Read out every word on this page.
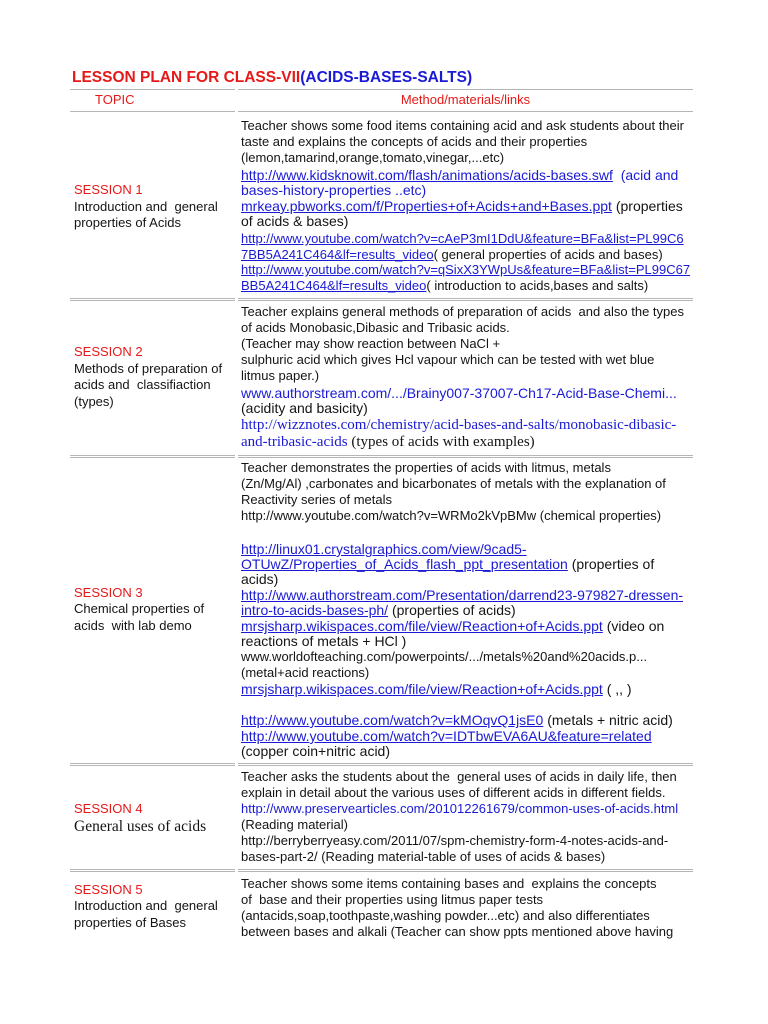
LESSON PLAN FOR CLASS-VII(ACIDS-BASES-SALTS)
TOPIC	Method/materials/links
SESSION 1
Introduction and  general
properties of Acids
Teacher shows some food items containing acid and ask students about their
taste and explains the concepts of acids and their properties
(lemon,tamarind,orange,tomato,vinegar,...etc)
http://www.kidsknowit.com/flash/animations/acids-bases.swf  (acid and
bases-history-properties ..etc)
mrkeay.pbworks.com/f/Properties+of+Acids+and+Bases.ppt (properties
of acids & bases)
http://www.youtube.com/watch?v=cAeP3mI1DdU&feature=BFa&list=PL99C6
7BB5A241C464&lf=results_video( general properties of acids and bases)
http://www.youtube.com/watch?v=qSixX3YWpUs&feature=BFa&list=PL99C67
BB5A241C464&lf=results_video( introduction to acids,bases and salts)
SESSION 2
Methods of preparation of
acids and  classifiaction
(types)
Teacher explains general methods of preparation of acids  and also the types
of acids Monobasic,Dibasic and Tribasic acids.
(Teacher may show reaction between NaCl +
sulphuric acid which gives Hcl vapour which can be tested with wet blue
litmus paper.)
www.authorstream.com/.../Brainy007-37007-Ch17-Acid-Base-Chemi...
(acidity and basicity)
http://wizznotes.com/chemistry/acid-bases-and-salts/monobasic-dibasic-
and-tribasic-acids (types of acids with examples)
SESSION 3
Chemical properties of
acids  with lab demo
Teacher demonstrates the properties of acids with litmus, metals
(Zn/Mg/Al) ,carbonates and bicarbonates of metals with the explanation of
Reactivity series of metals
http://www.youtube.com/watch?v=WRMo2kVpBMw (chemical properties)
http://linux01.crystalgraphics.com/view/9cad5-
OTUwZ/Properties_of_Acids_flash_ppt_presentation (properties of
acids)
http://www.authorstream.com/Presentation/darrend23-979827-dressen-
intro-to-acids-bases-ph/ (properties of acids)
mrsjsharp.wikispaces.com/file/view/Reaction+of+Acids.ppt (video on
reactions of metals + HCl )
www.worldofteaching.com/powerpoints/.../metals%20and%20acids.p...
(metal+acid reactions)
mrsjsharp.wikispaces.com/file/view/Reaction+of+Acids.ppt ( ,, )
http://www.youtube.com/watch?v=kMOqvQ1jsE0 (metals + nitric acid)
http://www.youtube.com/watch?v=IDTbwEVA6AU&feature=related
(copper coin+nitric acid)
SESSION 4
General uses of acids
Teacher asks the students about the  general uses of acids in daily life, then
explain in detail about the various uses of different acids in different fields.
http://www.preservearticles.com/201012261679/common-uses-of-acids.html
(Reading material)
http://berryberryeasy.com/2011/07/spm-chemistry-form-4-notes-acids-and-
bases-part-2/ (Reading material-table of uses of acids & bases)
SESSION 5
Introduction and  general
properties of Bases
Teacher shows some items containing bases and  explains the concepts
of  base and their properties using litmus paper tests
(antacids,soap,toothpaste,washing powder...etc) and also differentiates
between bases and alkali (Teacher can show ppts mentioned above having
